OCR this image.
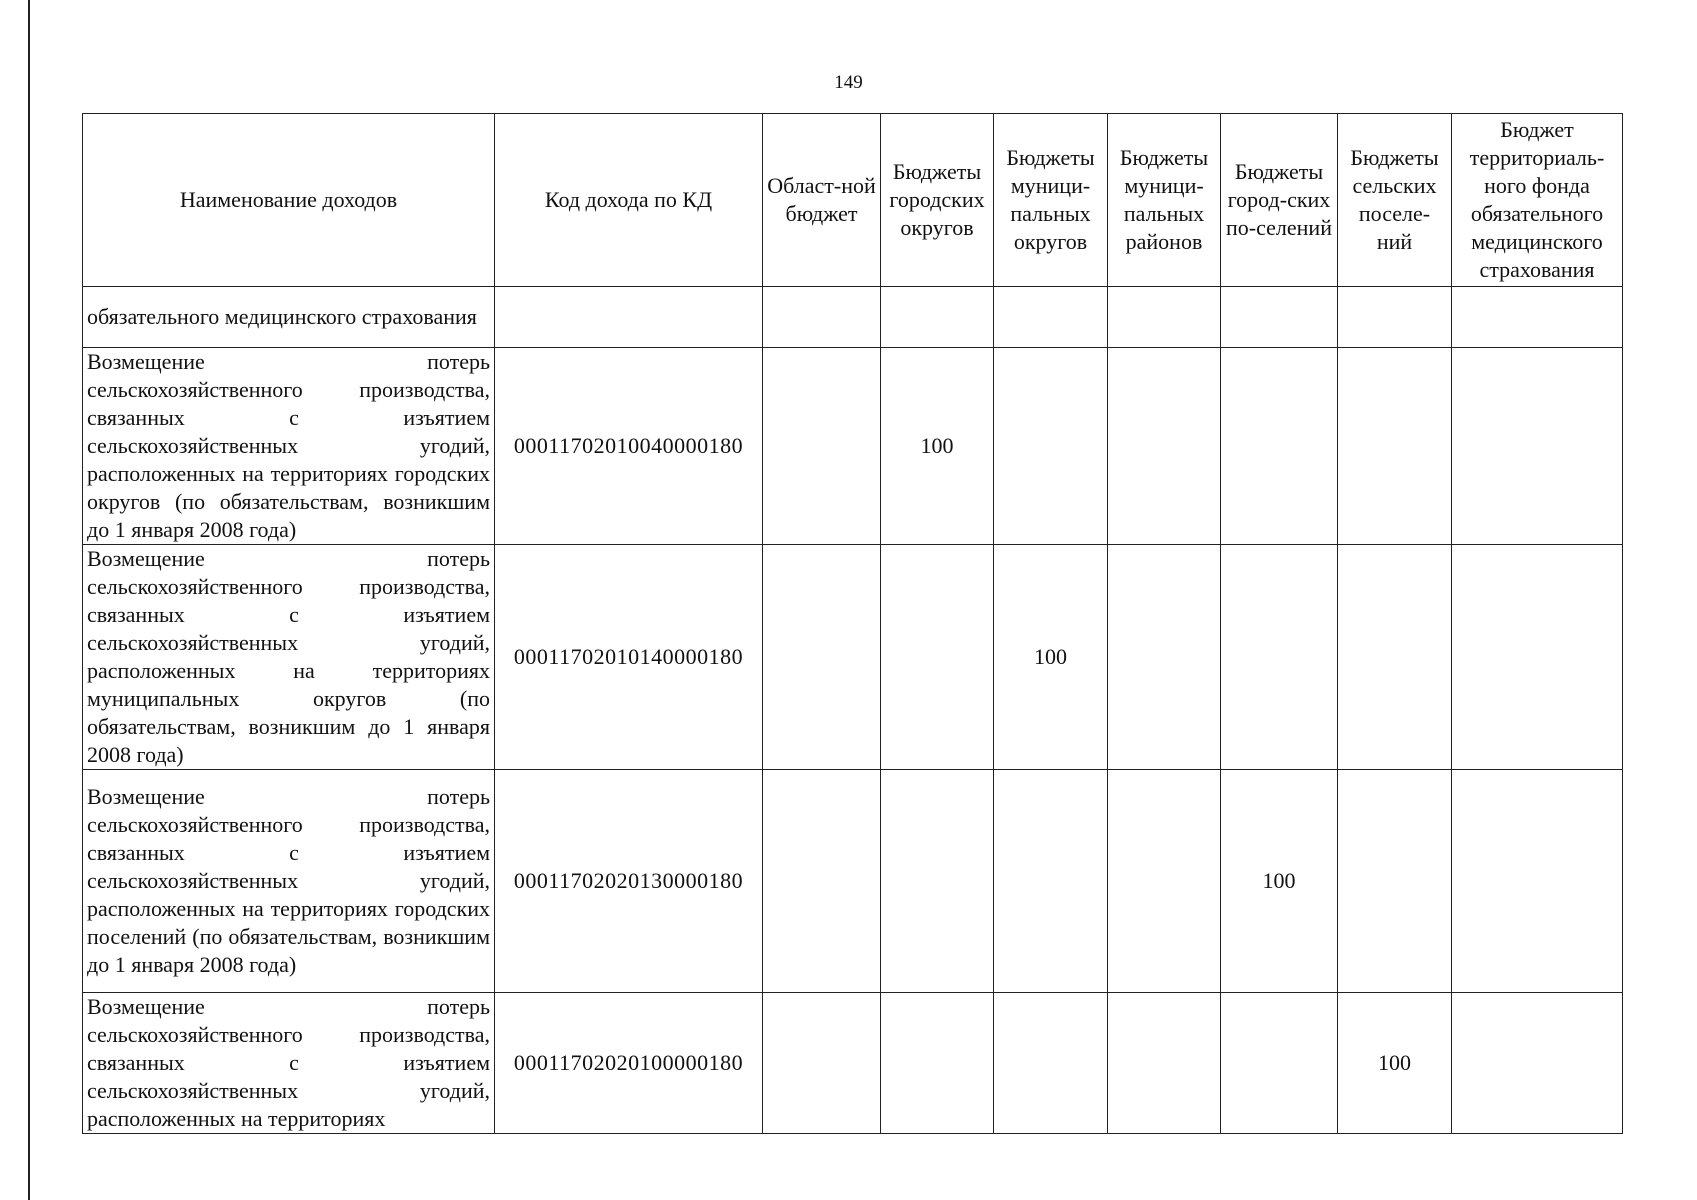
149
Наименование доходов	Код дохода по КД	Област-ной бюджет	Бюджеты городских округов	Бюджеты муници-пальных округов	Бюджеты муници-пальных районов	Бюджеты город-ских по-селений	Бюджеты сельских поселе-ний	Бюджет территориаль-ного фонда обязательного медицинского страхования
обязательного медицинского страхования								
Возмещение потерь сельскохозяйственного производства, связанных с изъятием сельскохозяйственных угодий, расположенных на территориях городских округов (по обязательствам, возникшим до 1 января 2008 года)	00011702010040000180		100					
Возмещение потерь сельскохозяйственного производства, связанных с изъятием сельскохозяйственных угодий, расположенных на территориях муниципальных округов (по обязательствам, возникшим до 1 января 2008 года)	00011702010140000180			100				
Возмещение потерь сельскохозяйственного производства, связанных с изъятием сельскохозяйственных угодий, расположенных на территориях городских поселений (по обязательствам, возникшим до 1 января 2008 года)	00011702020130000180					100		
Возмещение потерь сельскохозяйственного производства, связанных с изъятием сельскохозяйственных угодий, расположенных на территориях	00011702020100000180						100	
